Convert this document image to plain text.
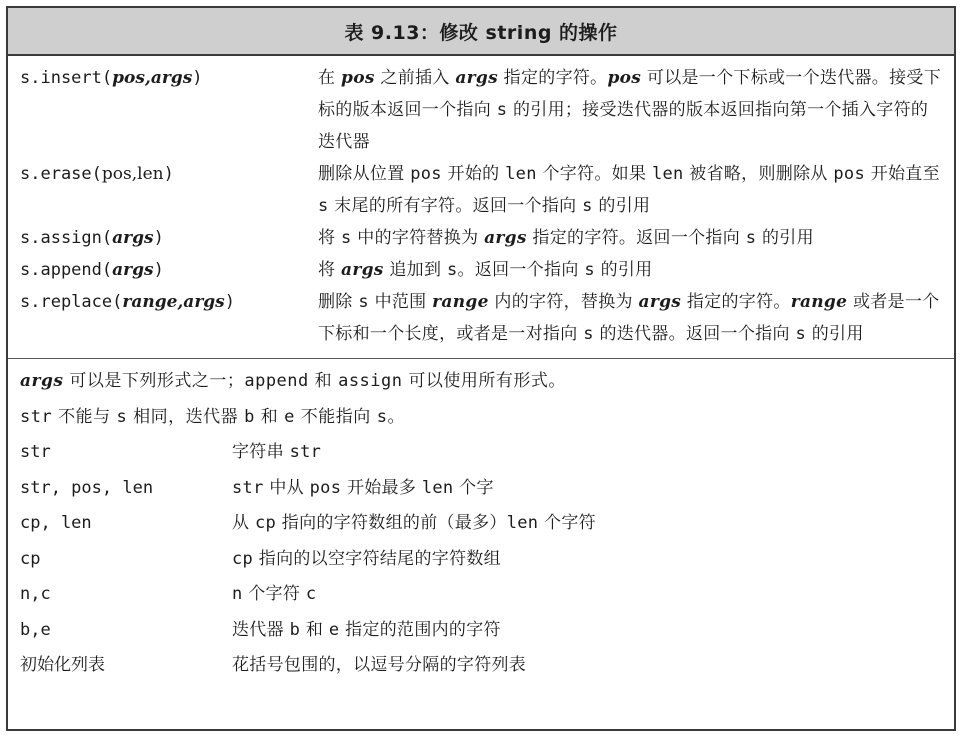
表 9.13：修改 string 的操作
s.insert(pos,args)	在 pos 之前插入 args 指定的字符。pos 可以是一个下标或一个迭代器。接受下标的版本返回一个指向 s 的引用；接受迭代器的版本返回指向第一个插入字符的迭代器
s.erase(pos,len)	删除从位置 pos 开始的 len 个字符。如果 len 被省略，则删除从 pos 开始直至 s 末尾的所有字符。返回一个指向 s 的引用
s.assign(args)	将 s 中的字符替换为 args 指定的字符。返回一个指向 s 的引用
s.append(args)	将 args 追加到 s。返回一个指向 s 的引用
s.replace(range,args)	删除 s 中范围 range 内的字符，替换为 args 指定的字符。range 或者是一个下标和一个长度，或者是一对指向 s 的迭代器。返回一个指向 s 的引用
args 可以是下列形式之一；append 和 assign 可以使用所有形式。
str 不能与 s 相同，迭代器 b 和 e 不能指向 s。
str	字符串 str
str, pos, len	str 中从 pos 开始最多 len 个字
cp, len	从 cp 指向的字符数组的前（最多）len 个字符
cp	cp 指向的以空字符结尾的字符数组
n,c	n 个字符 c
b,e	迭代器 b 和 e 指定的范围内的字符
初始化列表	花括号包围的，以逗号分隔的字符列表
